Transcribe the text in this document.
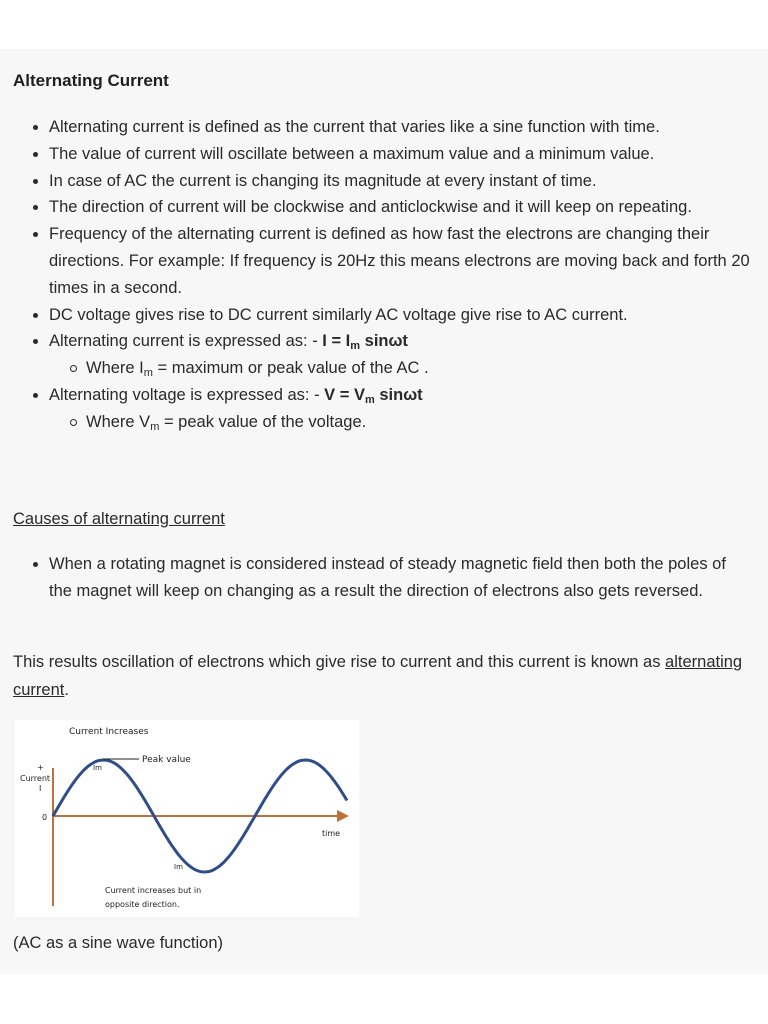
Alternating Current
Alternating current is defined as the current that varies like a sine function with time.
The value of current will oscillate between a maximum value and a minimum value.
In case of AC the current is changing its magnitude at every instant of time.
The direction of current will be clockwise and anticlockwise and it will keep on repeating.
Frequency of the alternating current is defined as how fast the electrons are changing their directions. For example: If frequency is 20Hz this means electrons are moving back and forth 20 times in a second.
DC voltage gives rise to DC current similarly AC voltage give rise to AC current.
Alternating current is expressed as: - $I = I_m$ sinωt
Where $I_m$ = maximum or peak value of the AC .
Alternating voltage is expressed as: - $V = V_m$ sinωt
Where $V_m$ = peak value of the voltage.
Causes of alternating current
When a rotating magnet is considered instead of steady magnetic field then both the poles of the magnet will keep on changing as a result the direction of electrons also gets reversed.

This results oscillation of electrons which give rise to current and this current is known as alternating current.

Current Increases
Peak value
Im
+
Current
I
0
time
Im
Current increases but in
opposite direction.
(AC as a sine wave function)
